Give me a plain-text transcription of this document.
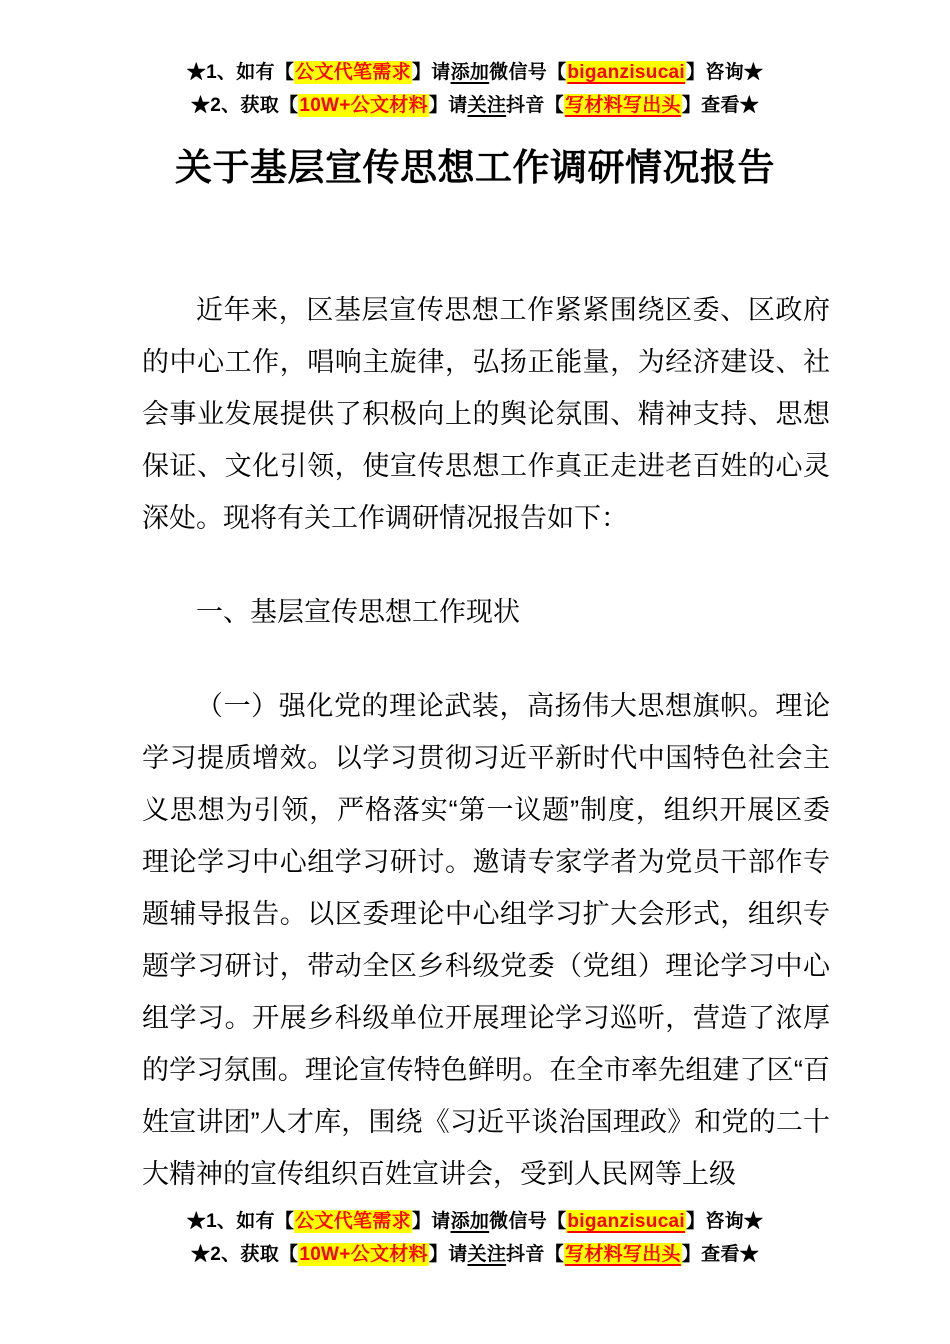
★1、如有【公文代笔需求】请添加微信号【biganzisucai】咨询★
★2、获取【10W+公文材料】请关注抖音【写材料写出头】查看★
关于基层宣传思想工作调研情况报告

近年来，区基层宣传思想工作紧紧围绕区委、区政府的中心工作，唱响主旋律，弘扬正能量，为经济建设、社会事业发展提供了积极向上的舆论氛围、精神支持、思想保证、文化引领，使宣传思想工作真正走进老百姓的心灵深处。现将有关工作调研情况报告如下：

一、基层宣传思想工作现状

（一）强化党的理论武装，高扬伟大思想旗帜。理论学习提质增效。以学习贯彻习近平新时代中国特色社会主义思想为引领，严格落实“第一议题”制度，组织开展区委理论学习中心组学习研讨。邀请专家学者为党员干部作专题辅导报告。以区委理论中心组学习扩大会形式，组织专题学习研讨，带动全区乡科级党委（党组）理论学习中心组学习。开展乡科级单位开展理论学习巡听，营造了浓厚的学习氛围。理论宣传特色鲜明。在全市率先组建了区“百姓宣讲团”人才库，围绕《习近平谈治国理政》和党的二十大精神的宣传组织百姓宣讲会，受到人民网等上级

★1、如有【公文代笔需求】请添加微信号【biganzisucai】咨询★
★2、获取【10W+公文材料】请关注抖音【写材料写出头】查看★
